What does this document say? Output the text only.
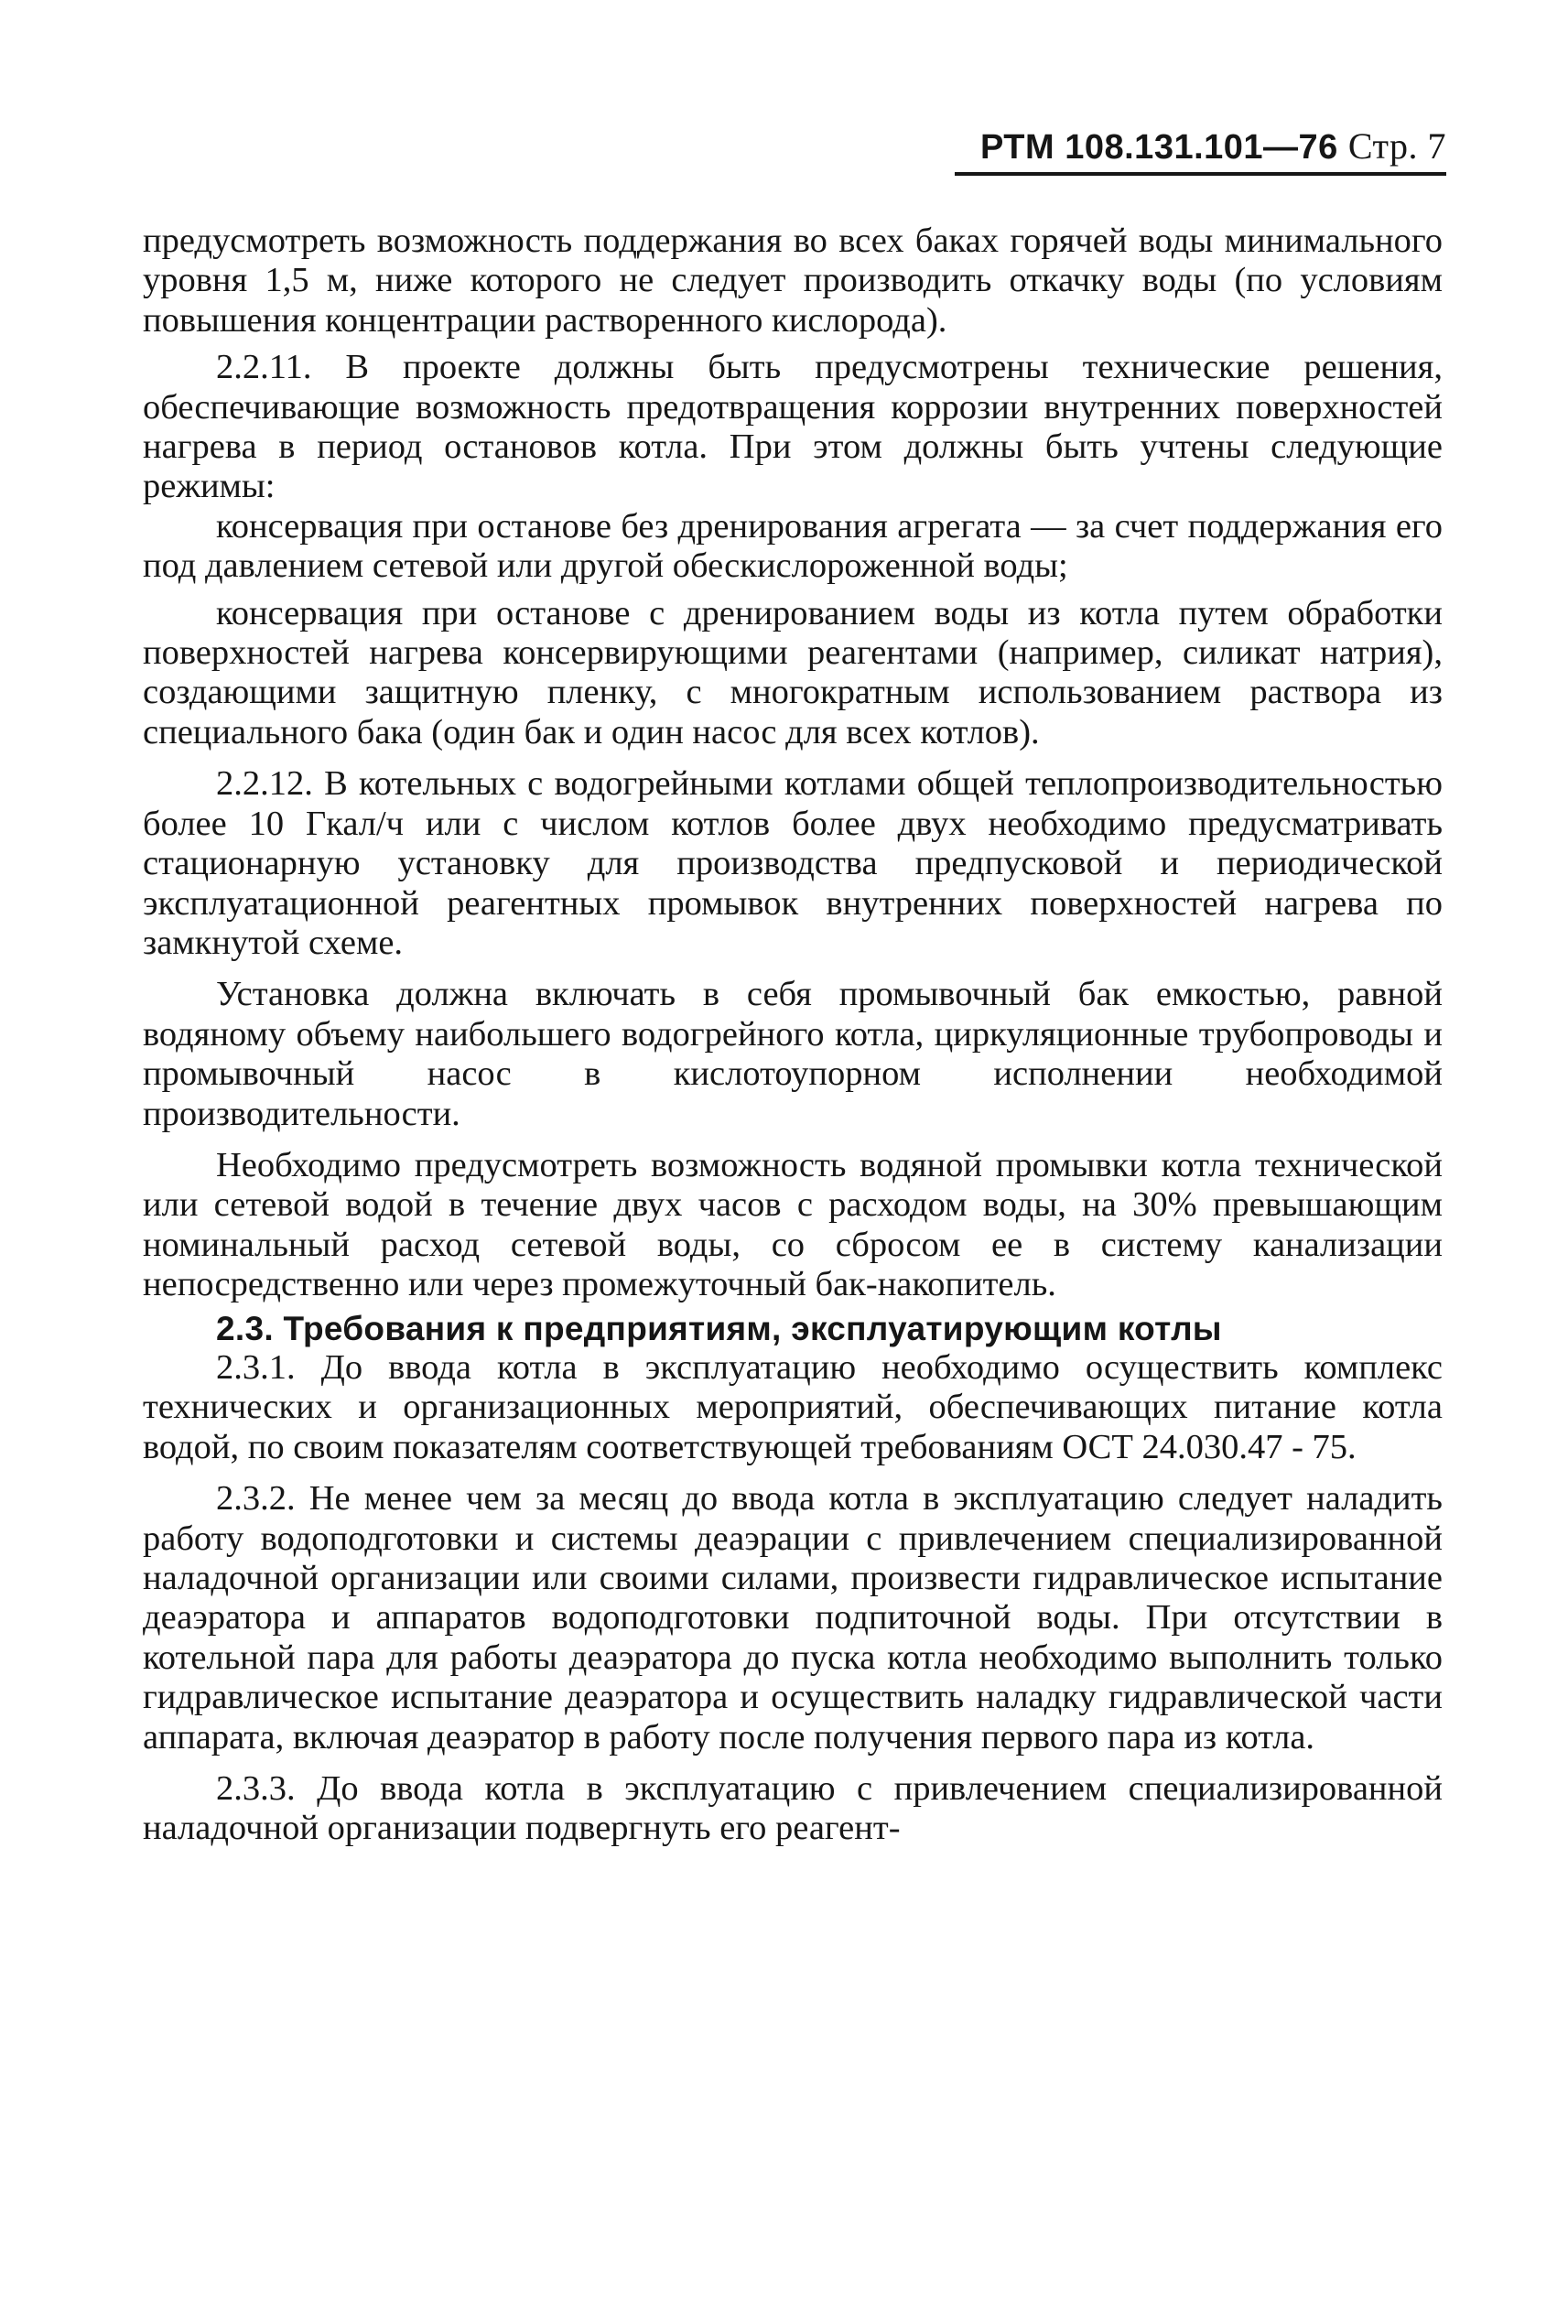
РТМ 108.131.101—76 Стр. 7

предусмотреть возможность поддержания во всех баках горячей воды минимального уровня 1,5 м, ниже которого не следует производить откачку воды (по условиям повышения концентрации растворенного кислорода).

2.2.11. В проекте должны быть предусмотрены технические решения, обеспечивающие возможность предотвращения коррозии внутренних поверхностей нагрева в период остановов котла. При этом должны быть учтены следующие режимы:

консервация при останове без дренирования агрегата — за счет поддержания его под давлением сетевой или другой обескислороженной воды;

консервация при останове с дренированием воды из котла путем обработки поверхностей нагрева консервирующими реагентами (например, силикат натрия), создающими защитную пленку, с многократным использованием раствора из специального бака (один бак и один насос для всех котлов).

2.2.12. В котельных с водогрейными котлами общей теплопроизводительностью более 10 Гкал/ч или с числом котлов более двух необходимо предусматривать стационарную установку для производства предпусковой и периодической эксплуатационной реагентных промывок внутренних поверхностей нагрева по замкнутой схеме.

Установка должна включать в себя промывочный бак емкостью, равной водяному объему наибольшего водогрейного котла, циркуляционные трубопроводы и промывочный насос в кислотоупорном исполнении необходимой производительности.

Необходимо предусмотреть возможность водяной промывки котла технической или сетевой водой в течение двух часов с расходом воды, на 30% превышающим номинальный расход сетевой воды, со сбросом ее в систему канализации непосредственно или через промежуточный бак-накопитель.

2.3. Требования к предприятиям, эксплуатирующим котлы

2.3.1. До ввода котла в эксплуатацию необходимо осуществить комплекс технических и организационных мероприятий, обеспечивающих питание котла водой, по своим показателям соответствующей требованиям ОСТ 24.030.47 - 75.

2.3.2. Не менее чем за месяц до ввода котла в эксплуатацию следует наладить работу водоподготовки и системы деаэрации с привлечением специализированной наладочной организации или своими силами, произвести гидравлическое испытание деаэратора и аппаратов водоподготовки подпиточной воды. При отсутствии в котельной пара для работы деаэратора до пуска котла необходимо выполнить только гидравлическое испытание деаэратора и осуществить наладку гидравлической части аппарата, включая деаэратор в работу после получения первого пара из котла.

2.3.3. До ввода котла в эксплуатацию с привлечением специализированной наладочной организации подвергнуть его реагент-
